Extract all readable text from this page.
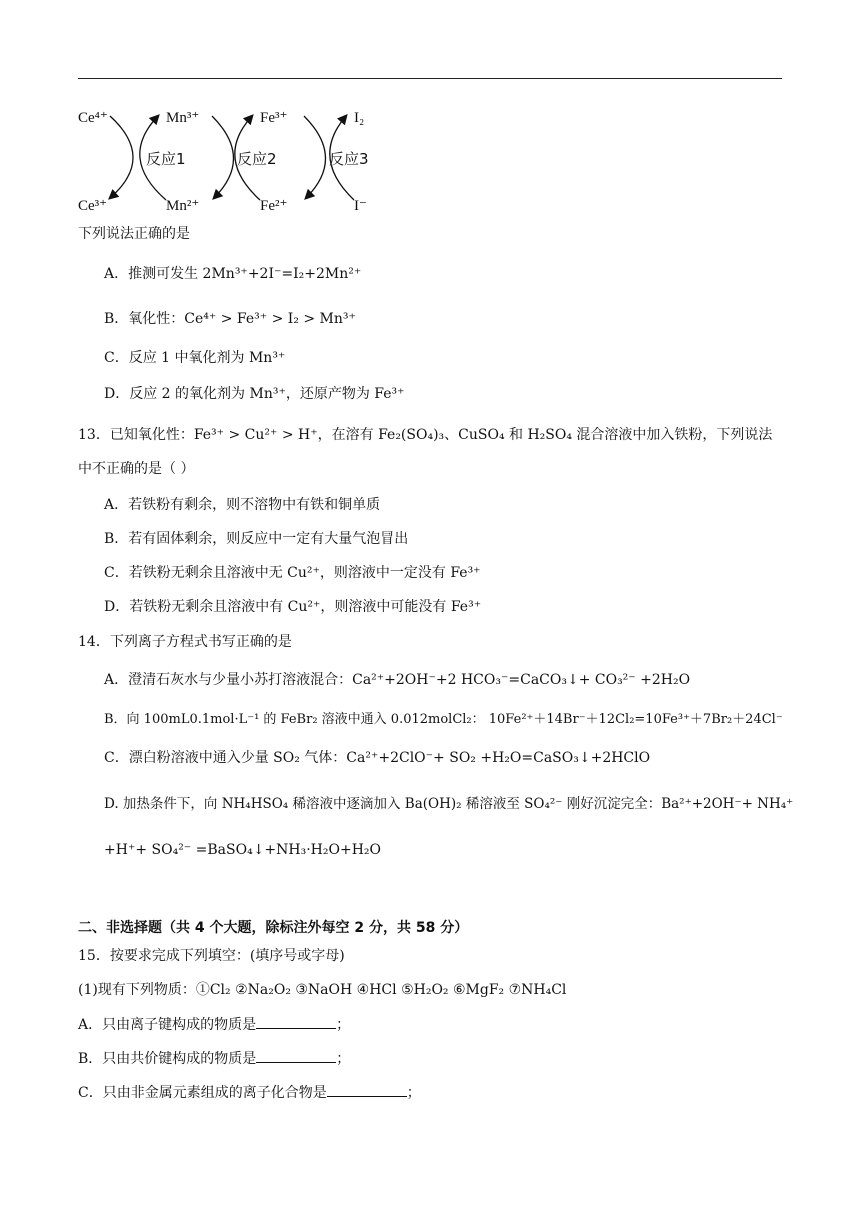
Ce⁴⁺	Mn³⁺	Fe³⁺	I₂
Ce³⁺	Mn²⁺	Fe²⁺	I⁻
反应1	反应2	反应3
下列说法正确的是
A．推测可发生 2Mn³⁺+2I⁻=I₂+2Mn²⁺
B．氧化性：Ce⁴⁺ > Fe³⁺ > I₂ > Mn³⁺
C．反应 1 中氧化剂为 Mn³⁺
D．反应 2 的氧化剂为 Mn³⁺，还原产物为 Fe³⁺
13．已知氧化性：Fe³⁺ > Cu²⁺ > H⁺，在溶有 Fe₂(SO₄)₃、CuSO₄ 和 H₂SO₄ 混合溶液中加入铁粉，下列说法
中不正确的是（ ）
A．若铁粉有剩余，则不溶物中有铁和铜单质
B．若有固体剩余，则反应中一定有大量气泡冒出
C．若铁粉无剩余且溶液中无 Cu²⁺，则溶液中一定没有 Fe³⁺
D．若铁粉无剩余且溶液中有 Cu²⁺，则溶液中可能没有 Fe³⁺
14．下列离子方程式书写正确的是
A．澄清石灰水与少量小苏打溶液混合：Ca²⁺+2OH⁻+2 HCO₃⁻=CaCO₃↓+ CO₃²⁻ +2H₂O
B．向 100mL0.1mol·L⁻¹ 的 FeBr₂ 溶液中通入 0.012molCl₂： 10Fe²⁺＋14Br⁻＋12Cl₂=10Fe³⁺＋7Br₂＋24Cl⁻
C．漂白粉溶液中通入少量 SO₂ 气体：Ca²⁺+2ClO⁻+ SO₂ +H₂O=CaSO₃↓+2HClO
D. 加热条件下，向 NH₄HSO₄ 稀溶液中逐滴加入 Ba(OH)₂ 稀溶液至 SO₄²⁻ 刚好沉淀完全：Ba²⁺+2OH⁻+ NH₄⁺
+H⁺+ SO₄²⁻ =BaSO₄↓+NH₃·H₂O+H₂O
二、非选择题（共 4 个大题，除标注外每空 2 分，共 58 分）
15．按要求完成下列填空：(填序号或字母)
(1)现有下列物质：①Cl₂ ②Na₂O₂ ③NaOH ④HCl ⑤H₂O₂ ⑥MgF₂ ⑦NH₄Cl
A．只由离子键构成的物质是	；
B．只由共价键构成的物质是	；
C．只由非金属元素组成的离子化合物是	；
